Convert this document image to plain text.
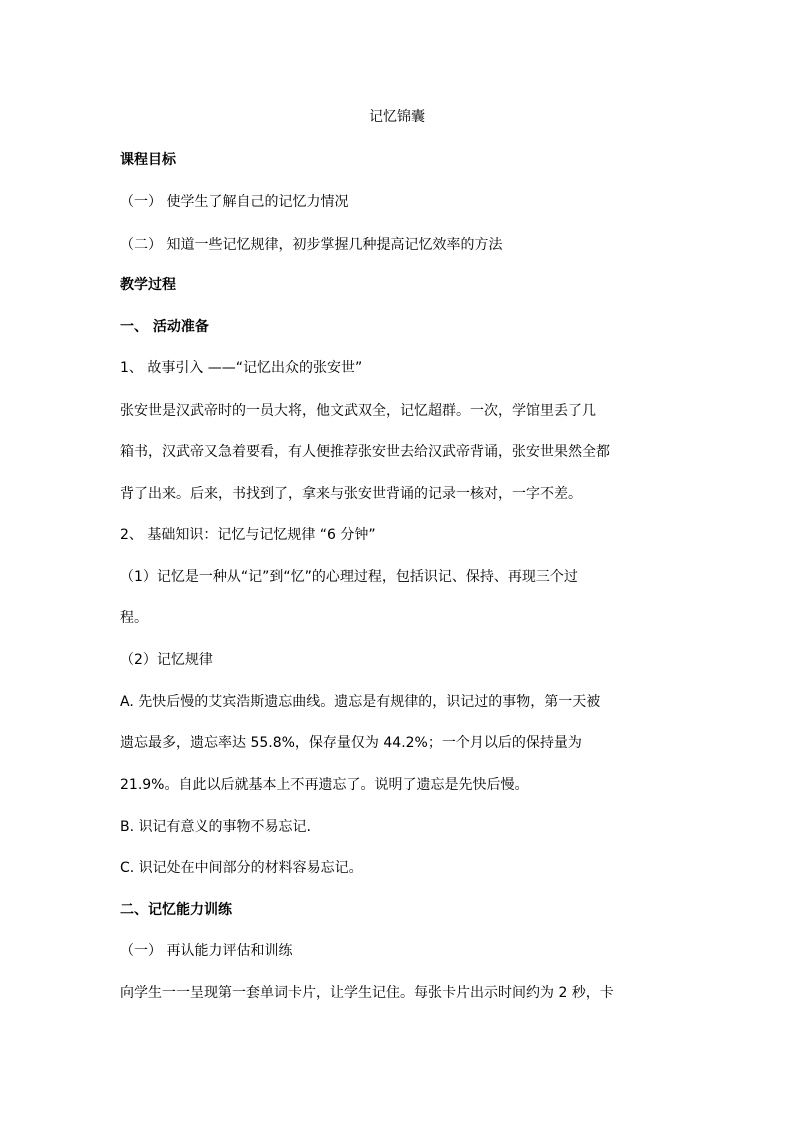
记忆锦囊
课程目标
（一） 使学生了解自己的记忆力情况
（二） 知道一些记忆规律，初步掌握几种提高记忆效率的方法
教学过程
一、 活动准备
1、 故事引入 ——“记忆出众的张安世”
张安世是汉武帝时的一员大将，他文武双全，记忆超群。一次，学馆里丢了几
箱书，汉武帝又急着要看，有人便推荐张安世去给汉武帝背诵，张安世果然全都
背了出来。后来，书找到了，拿来与张安世背诵的记录一核对，一字不差。
2、 基础知识：记忆与记忆规律 “6 分钟”
（1）记忆是一种从“记”到“忆”的心理过程，包括识记、保持、再现三个过
程。
（2）记忆规律
A. 先快后慢的艾宾浩斯遗忘曲线。遗忘是有规律的，识记过的事物，第一天被
遗忘最多，遗忘率达 55.8%，保存量仅为 44.2%；一个月以后的保持量为
21.9%。自此以后就基本上不再遗忘了。说明了遗忘是先快后慢。
B. 识记有意义的事物不易忘记.
C. 识记处在中间部分的材料容易忘记。
二、记忆能力训练
（一） 再认能力评估和训练
向学生一一呈现第一套单词卡片，让学生记住。每张卡片出示时间约为 2 秒，卡
